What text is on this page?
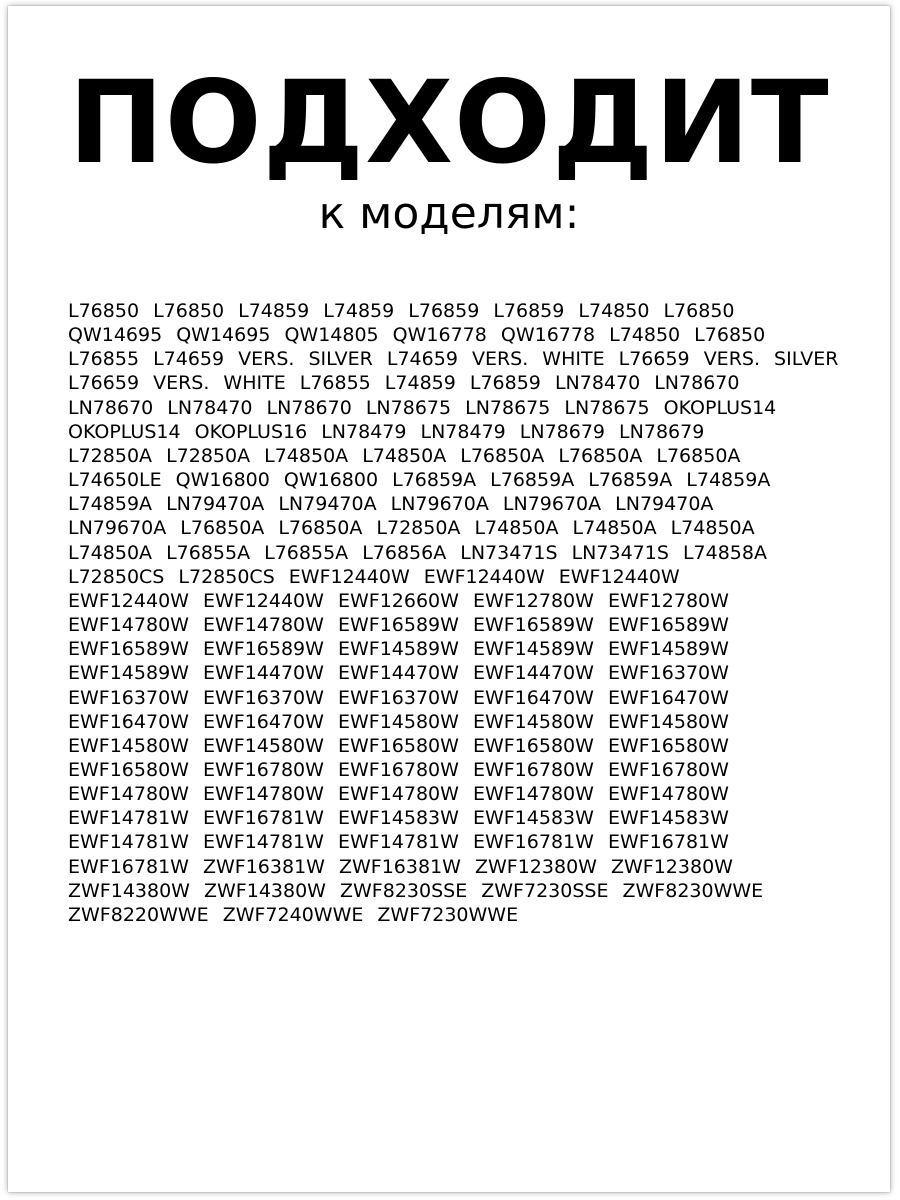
ПОДХОДИТ
к моделям:
L76850 L76850 L74859 L74859 L76859 L76859 L74850 L76850
QW14695 QW14695 QW14805 QW16778 QW16778 L74850 L76850
L76855 L74659 VERS. SILVER L74659 VERS. WHITE L76659 VERS. SILVER
L76659 VERS. WHITE L76855 L74859 L76859 LN78470 LN78670
LN78670 LN78470 LN78670 LN78675 LN78675 LN78675 OKOPLUS14
OKOPLUS14 OKOPLUS16 LN78479 LN78479 LN78679 LN78679
L72850A L72850A L74850A L74850A L76850A L76850A L76850A
L74650LE QW16800 QW16800 L76859A L76859A L76859A L74859A
L74859A LN79470A LN79470A LN79670A LN79670A LN79470A
LN79670A L76850A L76850A L72850A L74850A L74850A L74850A
L74850A L76855A L76855A L76856A LN73471S LN73471S L74858A
L72850CS L72850CS EWF12440W EWF12440W EWF12440W
EWF12440W EWF12440W EWF12660W EWF12780W EWF12780W
EWF14780W EWF14780W EWF16589W EWF16589W EWF16589W
EWF16589W EWF16589W EWF14589W EWF14589W EWF14589W
EWF14589W EWF14470W EWF14470W EWF14470W EWF16370W
EWF16370W EWF16370W EWF16370W EWF16470W EWF16470W
EWF16470W EWF16470W EWF14580W EWF14580W EWF14580W
EWF14580W EWF14580W EWF16580W EWF16580W EWF16580W
EWF16580W EWF16780W EWF16780W EWF16780W EWF16780W
EWF14780W EWF14780W EWF14780W EWF14780W EWF14780W
EWF14781W EWF16781W EWF14583W EWF14583W EWF14583W
EWF14781W EWF14781W EWF14781W EWF16781W EWF16781W
EWF16781W ZWF16381W ZWF16381W ZWF12380W ZWF12380W
ZWF14380W ZWF14380W ZWF8230SSE ZWF7230SSE ZWF8230WWE
ZWF8220WWE ZWF7240WWE ZWF7230WWE
